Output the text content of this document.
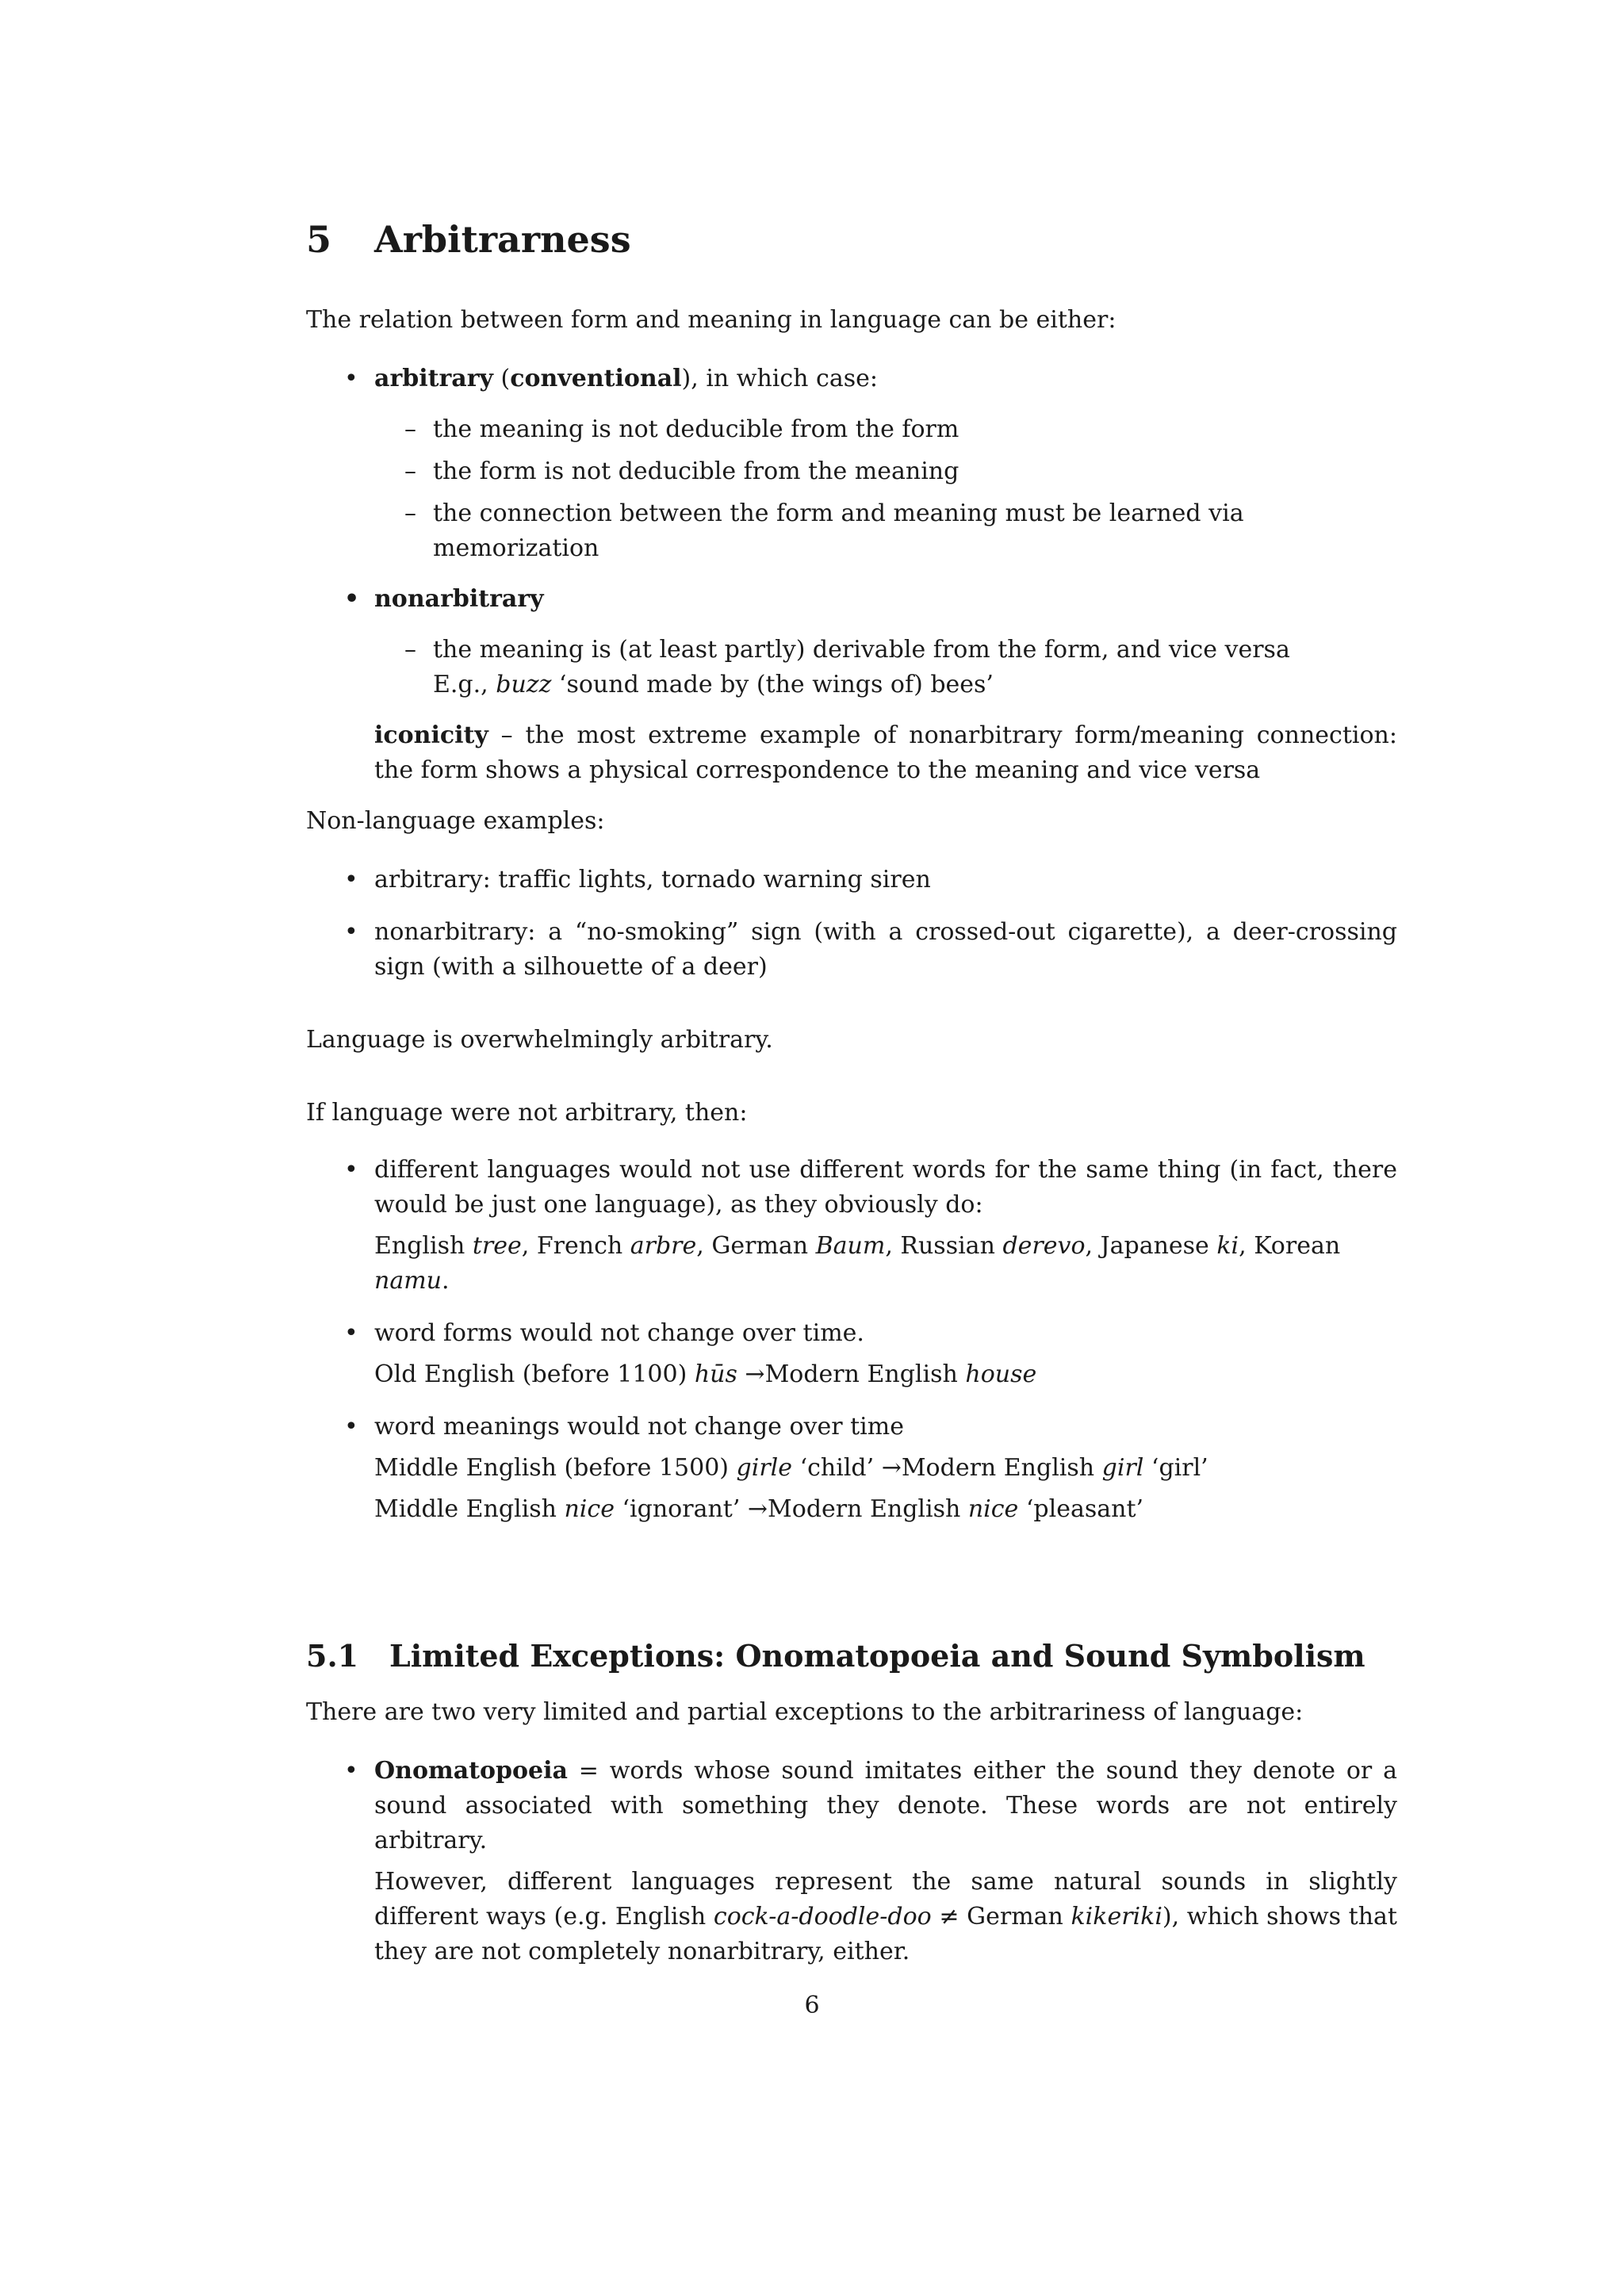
5 Arbitrarness

The relation between form and meaning in language can be either:

• arbitrary (conventional), in which case:

– the meaning is not deducible from the form

– the form is not deducible from the meaning

– the connection between the form and meaning must be learned via memorization

• nonarbitrary

– the meaning is (at least partly) derivable from the form, and vice versa

E.g., buzz ‘sound made by (the wings of) bees’

iconicity – the most extreme example of nonarbitrary form/meaning connection: the form shows a physical correspondence to the meaning and vice versa

Non-language examples:

• arbitrary: traffic lights, tornado warning siren

• nonarbitrary: a “no-smoking” sign (with a crossed-out cigarette), a deer-crossing sign (with a silhouette of a deer)

Language is overwhelmingly arbitrary.

If language were not arbitrary, then:

• different languages would not use different words for the same thing (in fact, there would be just one language), as they obviously do:

English tree, French arbre, German Baum, Russian derevo, Japanese ki, Korean namu.

• word forms would not change over time.

Old English (before 1100) hūs →Modern English house

• word meanings would not change over time

Middle English (before 1500) girle ‘child’ →Modern English girl ‘girl’

Middle English nice ‘ignorant’ →Modern English nice ‘pleasant’

5.1 Limited Exceptions: Onomatopoeia and Sound Symbolism

There are two very limited and partial exceptions to the arbitrariness of language:

• Onomatopoeia = words whose sound imitates either the sound they denote or a sound associated with something they denote. These words are not entirely arbitrary.

However, different languages represent the same natural sounds in slightly different ways (e.g. English cock-a-doodle-doo ≠ German kikeriki), which shows that they are not completely nonarbitrary, either.

6
